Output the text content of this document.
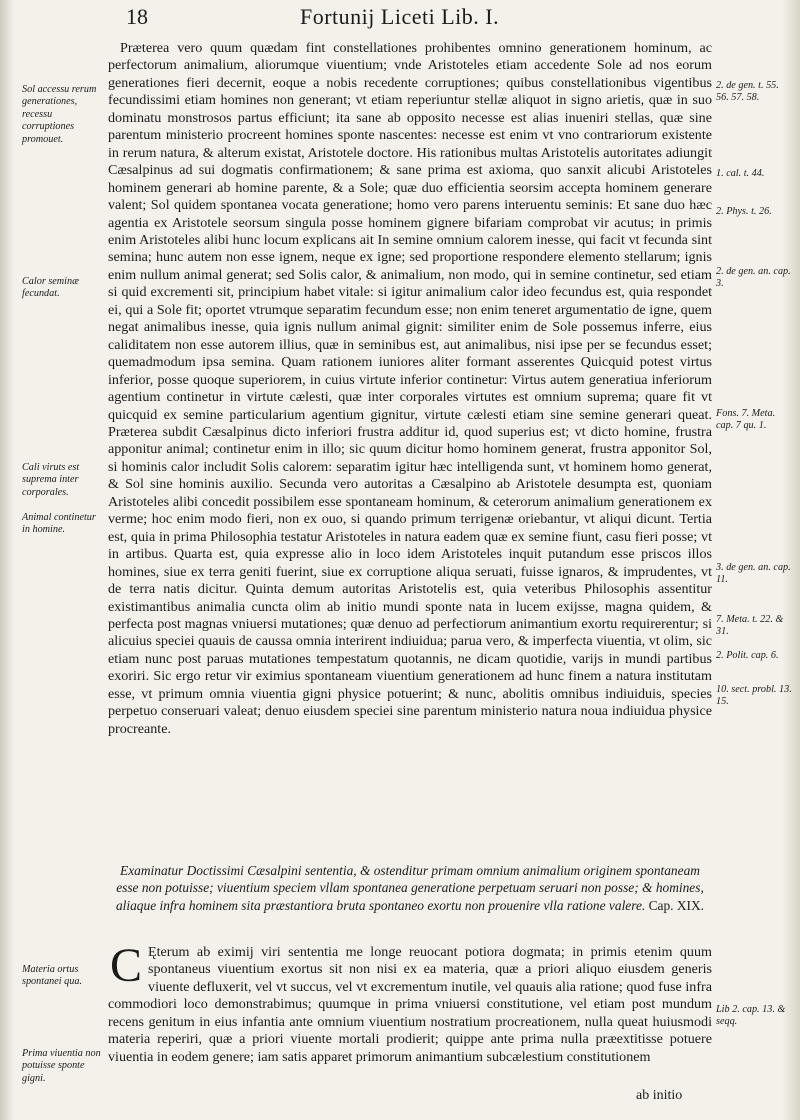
18	Fortunij Liceti Lib. I.

Præterea vero quum quædam fint constellationes prohibentes omnino generationem hominum, ac perfectorum animalium, aliorumque viuentium; vnde Aristoteles etiam accedente Sole ad nos eorum generationes fieri decernit, eoque a nobis recedente corruptiones; quibus constellationibus vigentibus fecundissimi etiam homines non generant; vt etiam reperiuntur stellæ aliquot in signo arietis, quæ in suo dominatu monstrosos partus efficiunt; ita sane ab opposito necesse est alias inueniri stellas, quæ sine parentum ministerio procreent homines sponte nascentes: necesse est enim vt vno contrariorum existente in rerum natura, & alterum existat, Aristotele doctore. His rationibus multas Aristotelis autoritates adiungit Cæsalpinus ad sui dogmatis confirmationem; & sane prima est axioma, quo sanxit alicubi Aristoteles hominem generari ab homine parente, & a Sole; quæ duo efficientia seorsim accepta hominem generare valent; Sol quidem spontanea vocata generatione; homo vero parens interuentu seminis: Et sane duo hæc agentia ex Aristotele seorsum singula posse hominem gignere bifariam comprobat vir acutus; in primis enim Aristoteles alibi hunc locum explicans ait In semine omnium calorem inesse, qui facit vt fecunda sint semina; hunc autem non esse ignem, neque ex igne; sed proportione respondere elemento stellarum; ignis enim nullum animal generat; sed Solis calor, & animalium, non modo, qui in semine continetur, sed etiam si quid excrementi sit, principium habet vitale: si igitur animalium calor ideo fecundus est, quia respondet ei, qui a Sole fit; oportet vtrumque separatim fecundum esse; non enim teneret argumentatio de igne, quem negat animalibus inesse, quia ignis nullum animal gignit: similiter enim de Sole possemus inferre, eius caliditatem non esse autorem illius, quæ in seminibus est, aut animalibus, nisi ipse per se fecundus esset; quemadmodum ipsa semina. Quam rationem iuniores aliter formant asserentes Quicquid potest virtus inferior, posse quoque superiorem, in cuius virtute inferior continetur: Virtus autem generatiua inferiorum agentium continetur in virtute cælesti, quæ inter corporales virtutes est omnium suprema; quare fit vt quicquid ex semine particularium agentium gignitur, virtute cælesti etiam sine semine generari queat. Præterea subdit Cæsalpinus dicto inferiori frustra additur id, quod superius est; vt dicto homine, frustra apponitur animal; continetur enim in illo; sic quum dicitur homo hominem generat, frustra apponitor Sol, si hominis calor includit Solis calorem: separatim igitur hæc intelligenda sunt, vt hominem homo generat, & Sol sine hominis auxilio. Secunda vero autoritas a Cæsalpino ab Aristotele desumpta est, quoniam Aristoteles alibi concedit possibilem esse spontaneam hominum, & ceterorum animalium generationem ex verme; hoc enim modo fieri, non ex ouo, si quando primum terrigenæ oriebantur, vt aliqui dicunt. Tertia est, quia in prima Philosophia testatur Aristoteles in natura eadem quæ ex semine fiunt, casu fieri posse; vt in artibus. Quarta est, quia expresse alio in loco idem Aristoteles inquit putandum esse priscos illos homines, siue ex terra geniti fuerint, siue ex corruptione aliqua seruati, fuisse ignaros, & imprudentes, vt de terra natis dicitur. Quinta demum autoritas Aristotelis est, quia veteribus Philosophis assentitur existimantibus animalia cuncta olim ab initio mundi sponte nata in lucem exijsse, magna quidem, & perfecta post magnas vniuersi mutationes; quæ denuo ad perfectiorum animantium exortu requirerentur; si alicuius speciei quauis de caussa omnia interirent indiuidua; parua vero, & imperfecta viuentia, vt olim, sic etiam nunc post paruas mutationes tempestatum quotannis, ne dicam quotidie, varijs in mundi partibus exoriri. Sic ergo retur vir eximius spontaneam viuentium generationem ad hunc finem a natura institutam esse, vt primum omnia viuentia gigni physice potuerint; & nunc, abolitis omnibus indiuiduis, species perpetuo conseruari valeat; denuo eiusdem speciei sine parentum ministerio natura noua indiuidua physice procreante.

Examinatur Doctissimi Cæsalpini sententia, & ostenditur primam omnium animalium originem spontaneam esse non potuisse; viuentium speciem vllam spontanea generatione perpetuam seruari non posse; & homines, aliaque infra hominem sita præstantiora bruta spontaneo exortu non prouenire vlla ratione valere. Cap. XIX.
C Ęterum ab eximij viri sententia me longe reuocant potiora dogmata; in primis etenim quum spontaneus viuentium exortus sit non nisi ex ea materia, quæ a priori aliquo eiusdem generis viuente defluxerit, vel vt succus, vel vt excrementum inutile, vel quauis alia ratione; quod fuse infra commodiori loco demonstrabimus; quumque in prima vniuersi constitutione, vel etiam post mundum recens genitum in eius infantia ante omnium viuentium nostratium procreationem, nulla queat huiusmodi materia reperiri, quæ a priori viuente mortali prodierit; quippe ante prima nulla præextitisse potuere viuentia in eodem genere; iam satis apparet primorum animantium subcælestium constitutionem
ab initio
Sol accessu rerum generationes, recessu corruptiones promouet.
Calor seminæ fecundat.
Cali viruts est suprema inter corporales.
Animal continetur in homine.
Materia ortus spontanei qua.
Prima viuentia non potuisse sponte gigni.
2. de gen. t. 55. 56. 57. 58.
1. cal. t. 44.
2. Phys. t. 26.
2. de gen. an. cap. 3.
Fons. 7. Meta. cap. 7 qu. 1.
3. de gen. an. cap. 11.
7. Meta. t. 22. & 31.
2. Polit. cap. 6.
10. sect. probl. 13. 15.
Lib 2. cap. 13. & seqq.
